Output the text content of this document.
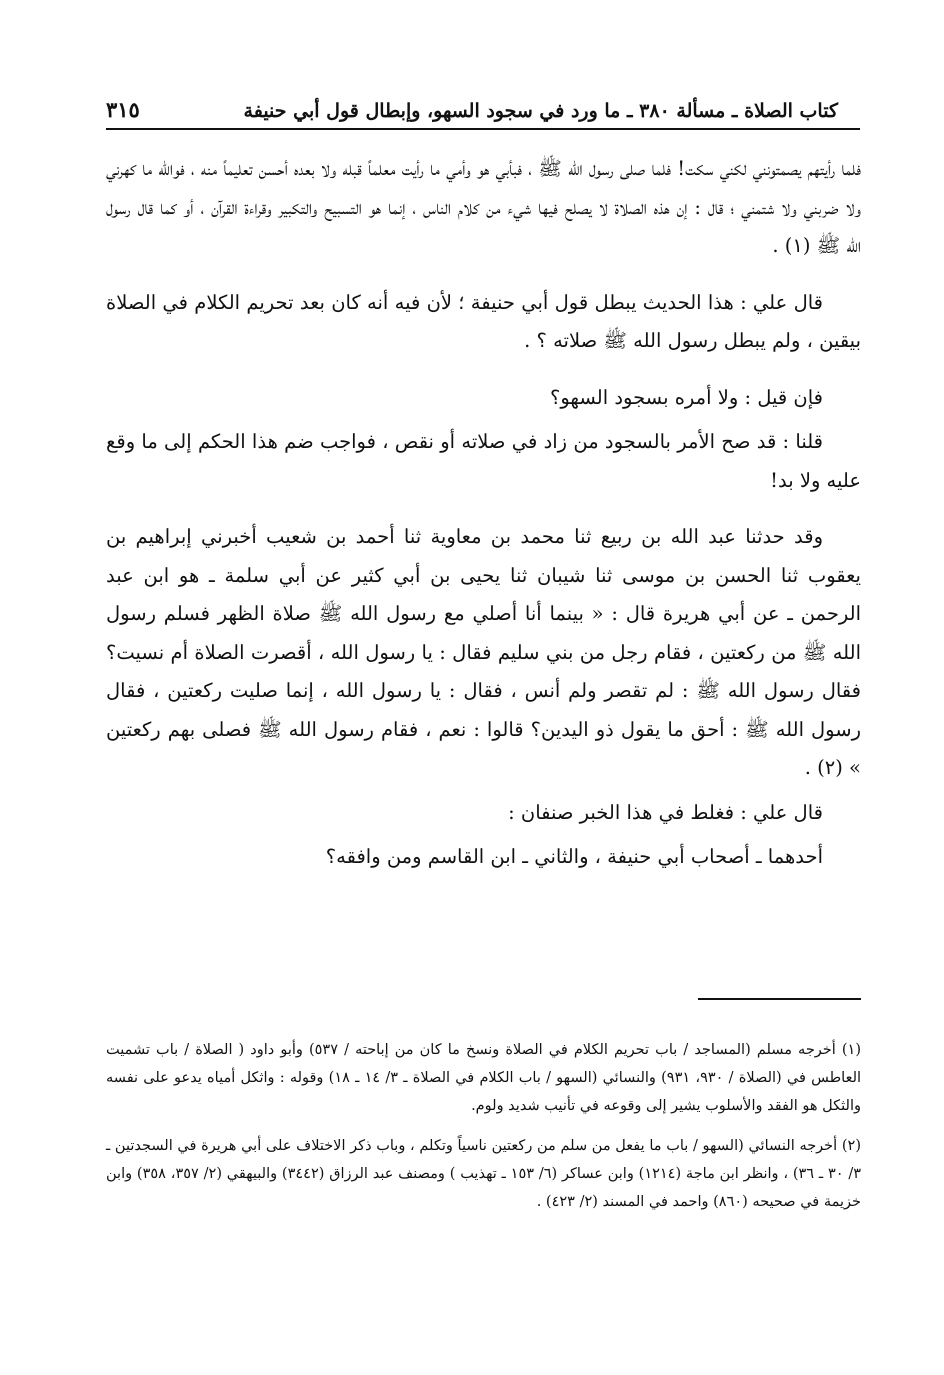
كتاب الصلاة ـ مسألة ٣٨٠ ـ ما ورد في سجود السهو، وإبطال قول أبي حنيفة
٣١٥

فلما رأيتهم يصمتونني لكني سكت! فلما صلى رسول الله ﷺ ، فبأبي هو وأمي ما رأيت معلماً قبله ولا بعده أحسن تعليماً منه ، فوالله ما كهرني ولا ضربني ولا شتمني ؛ قال : إن هذه الصلاة لا يصلح فيها شيء من كلام الناس ، إنما هو التسبيح والتكبير وقراءة القرآن ، أو كما قال رسول الله ﷺ (١) .

قال علي : هذا الحديث يبطل قول أبي حنيفة ؛ لأن فيه أنه كان بعد تحريم الكلام في الصلاة بيقين ، ولم يبطل رسول الله ﷺ صلاته ؟ .

فإن قيل : ولا أمره بسجود السهو؟

قلنا : قد صح الأمر بالسجود من زاد في صلاته أو نقص ، فواجب ضم هذا الحكم إلى ما وقع عليه ولا بد!

وقد حدثنا عبد الله بن ربيع ثنا محمد بن معاوية ثنا أحمد بن شعيب أخبرني إبراهيم بن يعقوب ثنا الحسن بن موسى ثنا شيبان ثنا يحيى بن أبي كثير عن أبي سلمة ـ هو ابن عبد الرحمن ـ عن أبي هريرة قال : « بينما أنا أصلي مع رسول الله ﷺ صلاة الظهر فسلم رسول الله ﷺ من ركعتين ، فقام رجل من بني سليم فقال : يا رسول الله ، أقصرت الصلاة أم نسيت؟ فقال رسول الله ﷺ : لم تقصر ولم أنس ، فقال : يا رسول الله ، إنما صليت ركعتين ، فقال رسول الله ﷺ : أحق ما يقول ذو اليدين؟ قالوا : نعم ، فقام رسول الله ﷺ فصلى بهم ركعتين » (٢) .

قال علي : فغلط في هذا الخبر صنفان :

أحدهما ـ أصحاب أبي حنيفة ، والثاني ـ ابن القاسم ومن وافقه؟

(١) أخرجه مسلم (المساجد / باب تحريم الكلام في الصلاة ونسخ ما كان من إباحته / ٥٣٧) وأبو داود ( الصلاة / باب تشميت العاطس في (الصلاة / ٩٣٠، ٩٣١) والنسائي (السهو / باب الكلام في الصلاة ـ ٣/ ١٤ ـ ١٨) وقوله : واثكل أمياه يدعو على نفسه والثكل هو الفقد والأسلوب يشير إلى وقوعه في تأنيب شديد ولوم.

(٢) أخرجه النسائي (السهو / باب ما يفعل من سلم من ركعتين ناسياً وتكلم ، وباب ذكر الاختلاف على أبي هريرة في السجدتين ـ ٣/ ٣٠ ـ ٣٦) ، وانظر ابن ماجة (١٢١٤) وابن عساكر (٦/ ١٥٣ ـ تهذيب ) ومصنف عبد الرزاق (٣٤٤٢) والبيهقي (٢/ ٣٥٧، ٣٥٨) وابن خزيمة في صحيحه (٨٦٠) واحمد في المسند (٢/ ٤٢٣) .
